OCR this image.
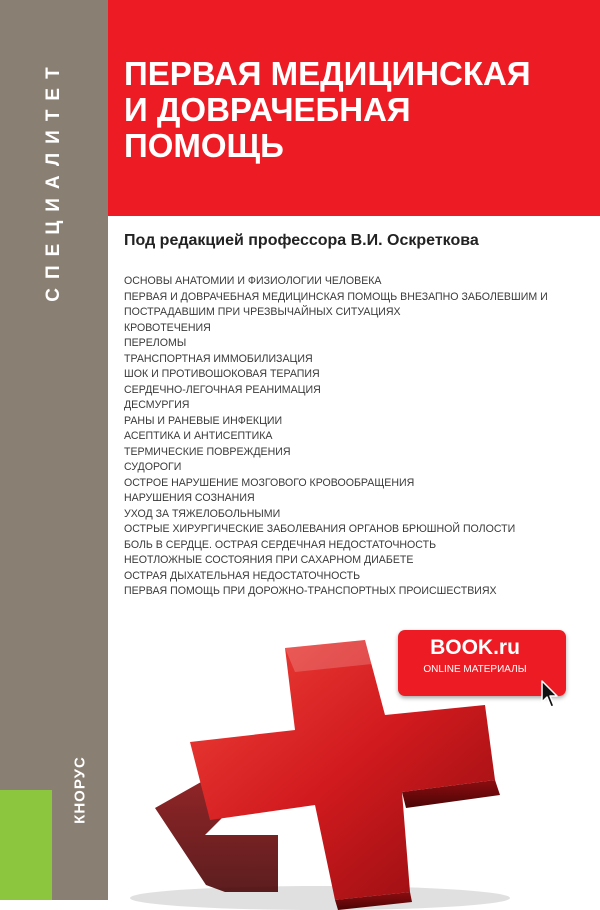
СПЕЦИАЛИТЕТ
КНОРУС
ПЕРВАЯ МЕДИЦИНСКАЯ
И ДОВРАЧЕБНАЯ
ПОМОЩЬ
Под редакцией профессора В.И. Оскреткова
ОСНОВЫ АНАТОМИИ И ФИЗИОЛОГИИ ЧЕЛОВЕКА
ПЕРВАЯ И ДОВРАЧЕБНАЯ МЕДИЦИНСКАЯ ПОМОЩЬ ВНЕЗАПНО ЗАБОЛЕВШИМ И ПОСТРАДАВШИМ ПРИ ЧРЕЗВЫЧАЙНЫХ СИТУАЦИЯХ
КРОВОТЕЧЕНИЯ
ПЕРЕЛОМЫ
ТРАНСПОРТНАЯ ИММОБИЛИЗАЦИЯ
ШОК И ПРОТИВОШОКОВАЯ ТЕРАПИЯ
СЕРДЕЧНО-ЛЕГОЧНАЯ РЕАНИМАЦИЯ
ДЕСМУРГИЯ
РАНЫ И РАНЕВЫЕ ИНФЕКЦИИ
АСЕПТИКА И АНТИСЕПТИКА
ТЕРМИЧЕСКИЕ ПОВРЕЖДЕНИЯ
СУДОРОГИ
ОСТРОЕ НАРУШЕНИЕ МОЗГОВОГО КРОВООБРАЩЕНИЯ
НАРУШЕНИЯ СОЗНАНИЯ
УХОД ЗА ТЯЖЕЛОБОЛЬНЫМИ
ОСТРЫЕ ХИРУРГИЧЕСКИЕ ЗАБОЛЕВАНИЯ ОРГАНОВ БРЮШНОЙ ПОЛОСТИ
БОЛЬ В СЕРДЦЕ. ОСТРАЯ СЕРДЕЧНАЯ НЕДОСТАТОЧНОСТЬ
НЕОТЛОЖНЫЕ СОСТОЯНИЯ ПРИ САХАРНОМ ДИАБЕТЕ
ОСТРАЯ ДЫХАТЕЛЬНАЯ НЕДОСТАТОЧНОСТЬ
ПЕРВАЯ ПОМОЩЬ ПРИ ДОРОЖНО-ТРАНСПОРТНЫХ ПРОИСШЕСТВИЯХ
BOOK.ru
ONLINE МАТЕРИАЛЫ
